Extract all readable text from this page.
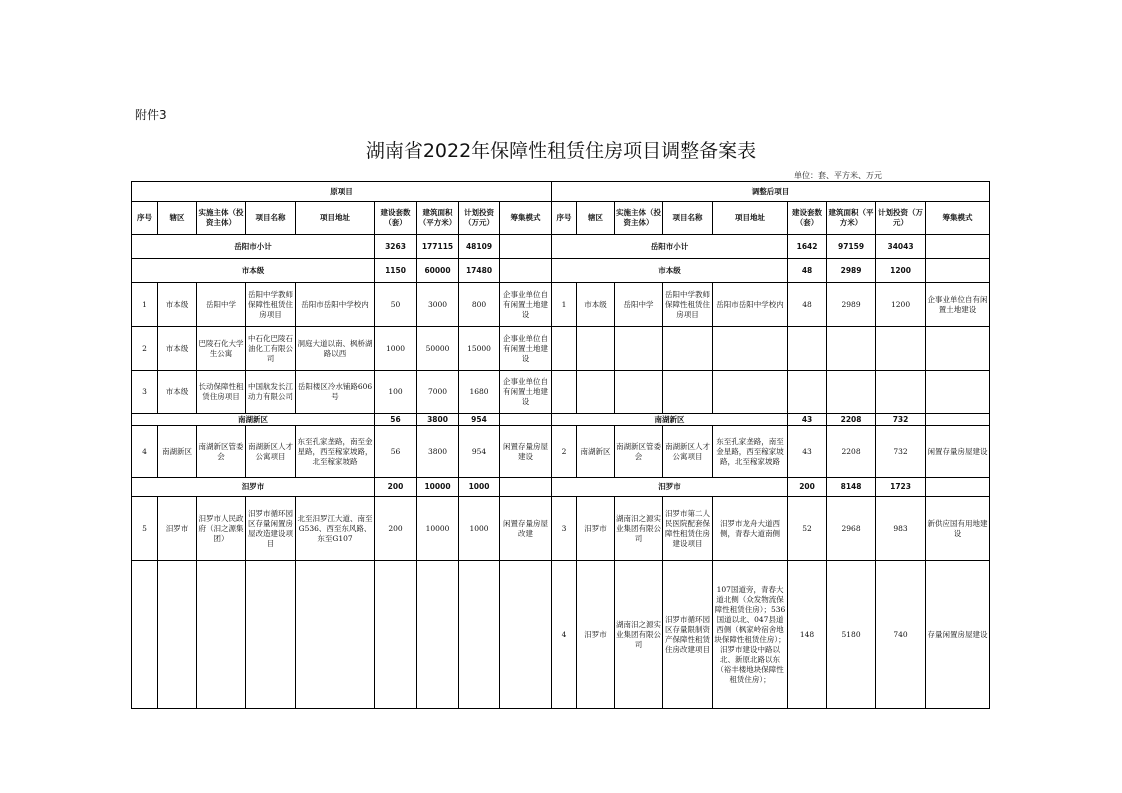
附件3
湖南省2022年保障性租赁住房项目调整备案表
单位：套、平方米、万元
原项目									调整后项目								
序号	辖区	实施主体（投资主体）	项目名称	项目地址	建设套数（套）	建筑面积（平方米）	计划投资（万元）	筹集模式	序号	辖区	实施主体（投资主体）	项目名称	项目地址	建设套数（套）	建筑面积（平方米）	计划投资（万元）	筹集模式
岳阳市小计					3263	177115	48109		岳阳市小计					1642	97159	34043	
市本级					1150	60000	17480		市本级					48	2989	1200	
1	市本级	岳阳中学	岳阳中学教师保障性租赁住房项目	岳阳市岳阳中学校内	50	3000	800	企事业单位自有闲置土地建设	1	市本级	岳阳中学	岳阳中学教师保障性租赁住房项目	岳阳市岳阳中学校内	48	2989	1200	企事业单位自有闲置土地建设
2	市本级	巴陵石化大学生公寓	中石化巴陵石油化工有限公司	洞庭大道以南、枫桥湖路以西	1000	50000	15000	企事业单位自有闲置土地建设									
3	市本级	长动保障性租赁住房项目	中国航发长江动力有限公司	岳阳楼区冷水铺路606号	100	7000	1680	企事业单位自有闲置土地建设									
南湖新区					56	3800	954		南湖新区					43	2208	732	
4	南湖新区	南湖新区管委会	南湖新区人才公寓项目	东至孔家垄路，南至金星路，西至稼家坡路，北至稼家坡路	56	3800	954	闲置存量房屋建设	2	南湖新区	南湖新区管委会	南湖新区人才公寓项目	东至孔家垄路，南至金星路，西至稼家坡路，北至稼家坡路	43	2208	732	闲置存量房屋建设
汨罗市					200	10000	1000		汨罗市					200	8148	1723	
5	汨罗市	汨罗市人民政府（汨之源集团）	汨罗市循环园区存量闲置房屋改造建设项目	北至汨罗江大道、南至G536、西至东风路、东至G107	200	10000	1000	闲置存量房屋改建	3	汨罗市	湖南汨之源实业集团有限公司	汨罗市第二人民医院配套保障性租赁住房建设项目	汨罗市龙舟大道西侧，青春大道南侧	52	2968	983	新供应国有用地建设
									4	汨罗市	湖南汨之源实业集团有限公司	汨罗市循环园区存量限制资产保障性租赁住房改建项目	107国道旁，青春大道北侧（众发物流保障性租赁住房）；536国道以北、047县道西侧（枫家岭宿舍地块保障性租赁住房）；汨罗市建设中路以北、新原北路以东（裕丰楼地块保障性租赁住房）；	148	5180	740	存量闲置房屋建设
